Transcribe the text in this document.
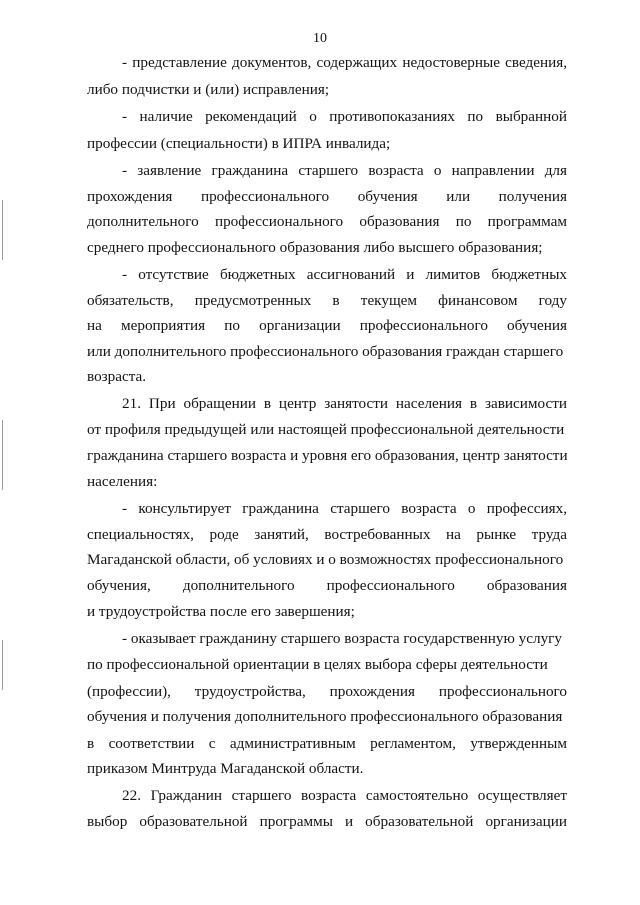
10
- представление документов, содержащих недостоверные сведения,
либо подчистки и (или) исправления;
- наличие рекомендаций о противопоказаниях по выбранной
профессии (специальности) в ИПРА инвалида;
- заявление гражданина старшего возраста о направлении для
прохождения профессионального обучения или получения
дополнительного профессионального образования по программам
среднего профессионального образования либо высшего образования;
- отсутствие бюджетных ассигнований и лимитов бюджетных
обязательств, предусмотренных в текущем финансовом году
на мероприятия по организации профессионального обучения
или дополнительного профессионального образования граждан старшего
возраста.
21. При обращении в центр занятости населения в зависимости
от профиля предыдущей или настоящей профессиональной деятельности
гражданина старшего возраста и уровня его образования, центр занятости
населения:
- консультирует гражданина старшего возраста о профессиях,
специальностях, роде занятий, востребованных на рынке труда
Магаданской области, об условиях и о возможностях профессионального
обучения, дополнительного профессионального образования
и трудоустройства после его завершения;
- оказывает гражданину старшего возраста государственную услугу
по профессиональной ориентации в целях выбора сферы деятельности
(профессии), трудоустройства, прохождения профессионального
обучения и получения дополнительного профессионального образования
в соответствии с административным регламентом, утвержденным
приказом Минтруда Магаданской области.
22. Гражданин старшего возраста самостоятельно осуществляет
выбор образовательной программы и образовательной организации
